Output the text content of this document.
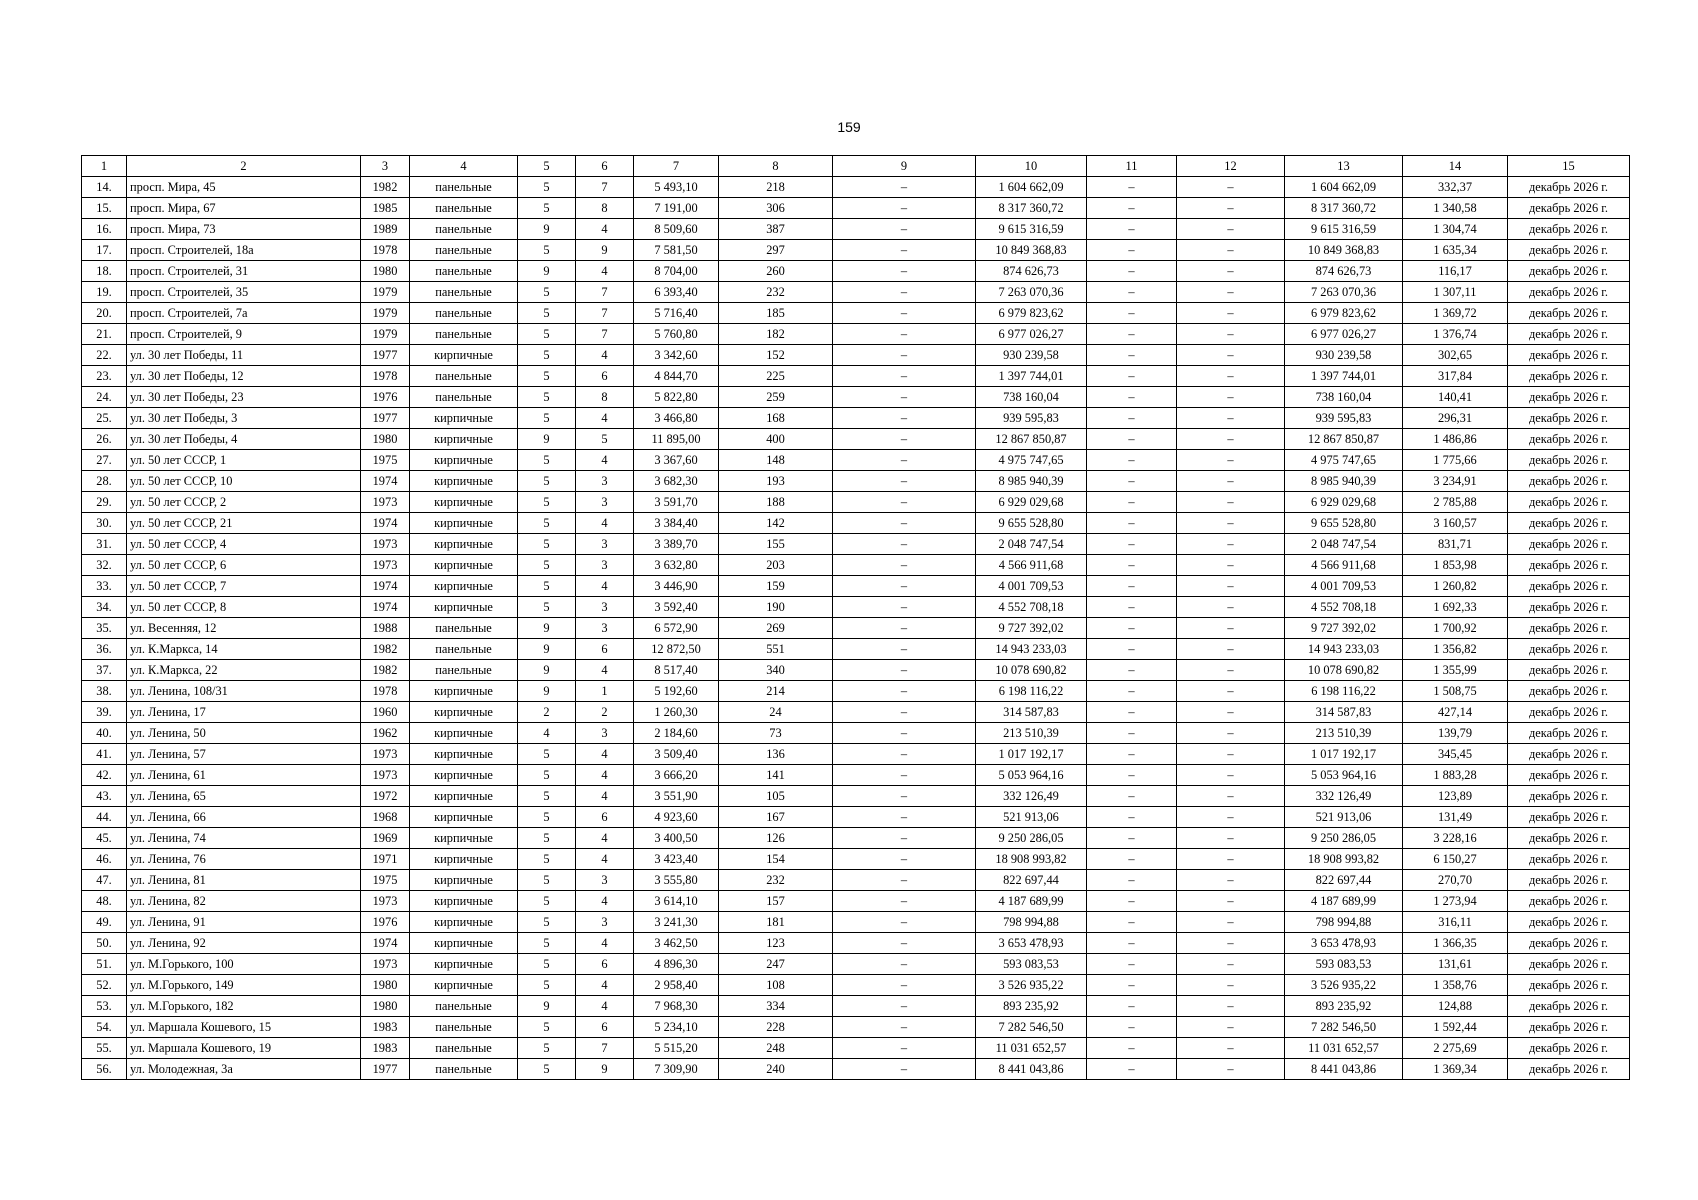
159
1	2	3	4	5	6	7	8	9	10	11	12	13	14	15
14.	просп. Мира, 45	1982	панельные	5	7	5 493,10	218	–	1 604 662,09	–	–	1 604 662,09	332,37	декабрь 2026 г.
15.	просп. Мира, 67	1985	панельные	5	8	7 191,00	306	–	8 317 360,72	–	–	8 317 360,72	1 340,58	декабрь 2026 г.
16.	просп. Мира, 73	1989	панельные	9	4	8 509,60	387	–	9 615 316,59	–	–	9 615 316,59	1 304,74	декабрь 2026 г.
17.	просп. Строителей, 18а	1978	панельные	5	9	7 581,50	297	–	10 849 368,83	–	–	10 849 368,83	1 635,34	декабрь 2026 г.
18.	просп. Строителей, 31	1980	панельные	9	4	8 704,00	260	–	874 626,73	–	–	874 626,73	116,17	декабрь 2026 г.
19.	просп. Строителей, 35	1979	панельные	5	7	6 393,40	232	–	7 263 070,36	–	–	7 263 070,36	1 307,11	декабрь 2026 г.
20.	просп. Строителей, 7а	1979	панельные	5	7	5 716,40	185	–	6 979 823,62	–	–	6 979 823,62	1 369,72	декабрь 2026 г.
21.	просп. Строителей, 9	1979	панельные	5	7	5 760,80	182	–	6 977 026,27	–	–	6 977 026,27	1 376,74	декабрь 2026 г.
22.	ул. 30 лет Победы, 11	1977	кирпичные	5	4	3 342,60	152	–	930 239,58	–	–	930 239,58	302,65	декабрь 2026 г.
23.	ул. 30 лет Победы, 12	1978	панельные	5	6	4 844,70	225	–	1 397 744,01	–	–	1 397 744,01	317,84	декабрь 2026 г.
24.	ул. 30 лет Победы, 23	1976	панельные	5	8	5 822,80	259	–	738 160,04	–	–	738 160,04	140,41	декабрь 2026 г.
25.	ул. 30 лет Победы, 3	1977	кирпичные	5	4	3 466,80	168	–	939 595,83	–	–	939 595,83	296,31	декабрь 2026 г.
26.	ул. 30 лет Победы, 4	1980	кирпичные	9	5	11 895,00	400	–	12 867 850,87	–	–	12 867 850,87	1 486,86	декабрь 2026 г.
27.	ул. 50 лет СССР, 1	1975	кирпичные	5	4	3 367,60	148	–	4 975 747,65	–	–	4 975 747,65	1 775,66	декабрь 2026 г.
28.	ул. 50 лет СССР, 10	1974	кирпичные	5	3	3 682,30	193	–	8 985 940,39	–	–	8 985 940,39	3 234,91	декабрь 2026 г.
29.	ул. 50 лет СССР, 2	1973	кирпичные	5	3	3 591,70	188	–	6 929 029,68	–	–	6 929 029,68	2 785,88	декабрь 2026 г.
30.	ул. 50 лет СССР, 21	1974	кирпичные	5	4	3 384,40	142	–	9 655 528,80	–	–	9 655 528,80	3 160,57	декабрь 2026 г.
31.	ул. 50 лет СССР, 4	1973	кирпичные	5	3	3 389,70	155	–	2 048 747,54	–	–	2 048 747,54	831,71	декабрь 2026 г.
32.	ул. 50 лет СССР, 6	1973	кирпичные	5	3	3 632,80	203	–	4 566 911,68	–	–	4 566 911,68	1 853,98	декабрь 2026 г.
33.	ул. 50 лет СССР, 7	1974	кирпичные	5	4	3 446,90	159	–	4 001 709,53	–	–	4 001 709,53	1 260,82	декабрь 2026 г.
34.	ул. 50 лет СССР, 8	1974	кирпичные	5	3	3 592,40	190	–	4 552 708,18	–	–	4 552 708,18	1 692,33	декабрь 2026 г.
35.	ул. Весенняя, 12	1988	панельные	9	3	6 572,90	269	–	9 727 392,02	–	–	9 727 392,02	1 700,92	декабрь 2026 г.
36.	ул. К.Маркса, 14	1982	панельные	9	6	12 872,50	551	–	14 943 233,03	–	–	14 943 233,03	1 356,82	декабрь 2026 г.
37.	ул. К.Маркса, 22	1982	панельные	9	4	8 517,40	340	–	10 078 690,82	–	–	10 078 690,82	1 355,99	декабрь 2026 г.
38.	ул. Ленина, 108/31	1978	кирпичные	9	1	5 192,60	214	–	6 198 116,22	–	–	6 198 116,22	1 508,75	декабрь 2026 г.
39.	ул. Ленина, 17	1960	кирпичные	2	2	1 260,30	24	–	314 587,83	–	–	314 587,83	427,14	декабрь 2026 г.
40.	ул. Ленина, 50	1962	кирпичные	4	3	2 184,60	73	–	213 510,39	–	–	213 510,39	139,79	декабрь 2026 г.
41.	ул. Ленина, 57	1973	кирпичные	5	4	3 509,40	136	–	1 017 192,17	–	–	1 017 192,17	345,45	декабрь 2026 г.
42.	ул. Ленина, 61	1973	кирпичные	5	4	3 666,20	141	–	5 053 964,16	–	–	5 053 964,16	1 883,28	декабрь 2026 г.
43.	ул. Ленина, 65	1972	кирпичные	5	4	3 551,90	105	–	332 126,49	–	–	332 126,49	123,89	декабрь 2026 г.
44.	ул. Ленина, 66	1968	кирпичные	5	6	4 923,60	167	–	521 913,06	–	–	521 913,06	131,49	декабрь 2026 г.
45.	ул. Ленина, 74	1969	кирпичные	5	4	3 400,50	126	–	9 250 286,05	–	–	9 250 286,05	3 228,16	декабрь 2026 г.
46.	ул. Ленина, 76	1971	кирпичные	5	4	3 423,40	154	–	18 908 993,82	–	–	18 908 993,82	6 150,27	декабрь 2026 г.
47.	ул. Ленина, 81	1975	кирпичные	5	3	3 555,80	232	–	822 697,44	–	–	822 697,44	270,70	декабрь 2026 г.
48.	ул. Ленина, 82	1973	кирпичные	5	4	3 614,10	157	–	4 187 689,99	–	–	4 187 689,99	1 273,94	декабрь 2026 г.
49.	ул. Ленина, 91	1976	кирпичные	5	3	3 241,30	181	–	798 994,88	–	–	798 994,88	316,11	декабрь 2026 г.
50.	ул. Ленина, 92	1974	кирпичные	5	4	3 462,50	123	–	3 653 478,93	–	–	3 653 478,93	1 366,35	декабрь 2026 г.
51.	ул. М.Горького, 100	1973	кирпичные	5	6	4 896,30	247	–	593 083,53	–	–	593 083,53	131,61	декабрь 2026 г.
52.	ул. М.Горького, 149	1980	кирпичные	5	4	2 958,40	108	–	3 526 935,22	–	–	3 526 935,22	1 358,76	декабрь 2026 г.
53.	ул. М.Горького, 182	1980	панельные	9	4	7 968,30	334	–	893 235,92	–	–	893 235,92	124,88	декабрь 2026 г.
54.	ул. Маршала Кошевого, 15	1983	панельные	5	6	5 234,10	228	–	7 282 546,50	–	–	7 282 546,50	1 592,44	декабрь 2026 г.
55.	ул. Маршала Кошевого, 19	1983	панельные	5	7	5 515,20	248	–	11 031 652,57	–	–	11 031 652,57	2 275,69	декабрь 2026 г.
56.	ул. Молодежная, 3а	1977	панельные	5	9	7 309,90	240	–	8 441 043,86	–	–	8 441 043,86	1 369,34	декабрь 2026 г.
